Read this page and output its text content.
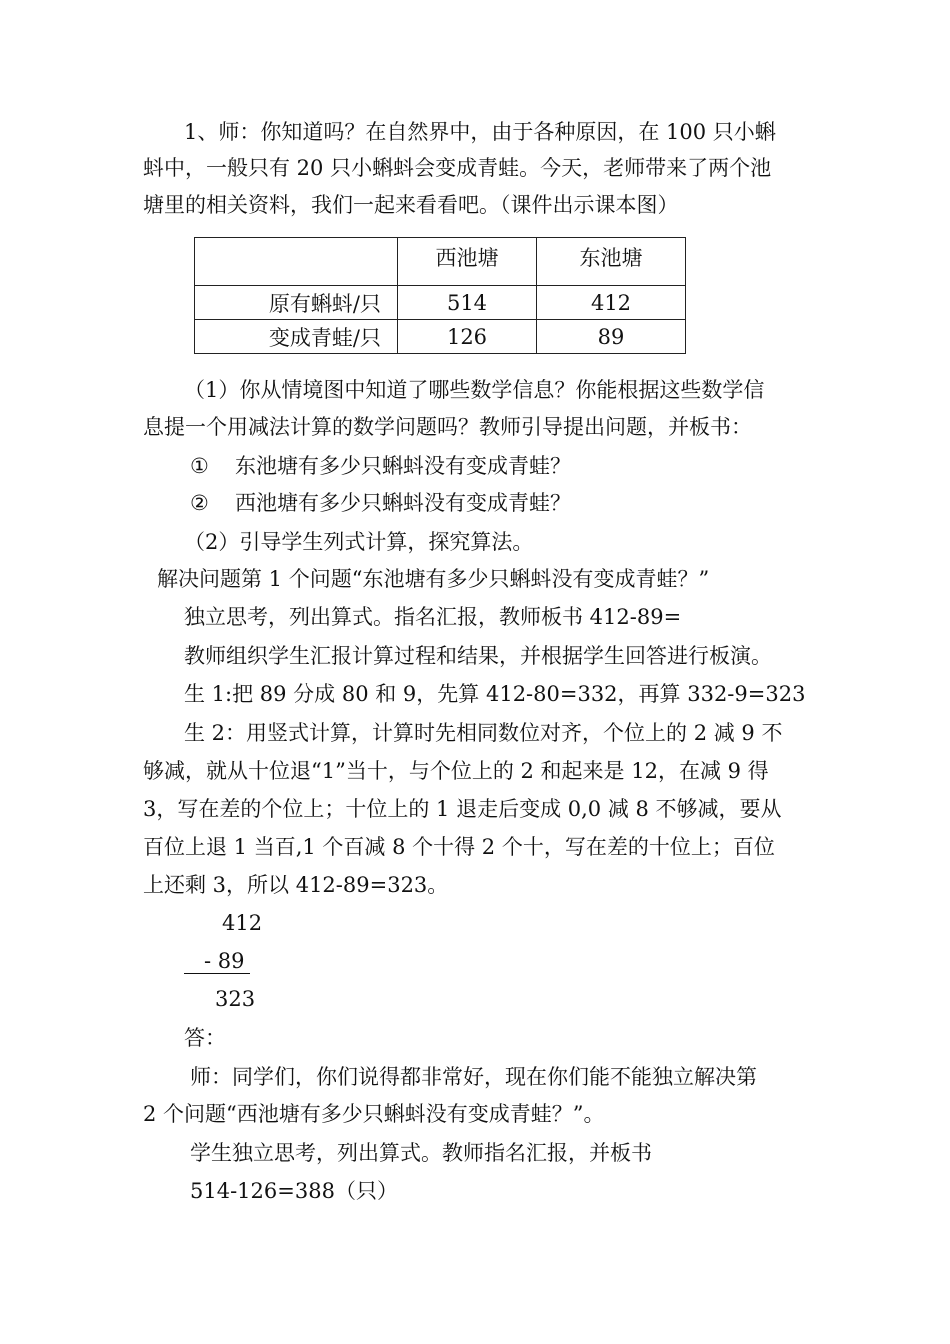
1、师：你知道吗？在自然界中，由于各种原因，在 100 只小蝌
蚪中，一般只有 20 只小蝌蚪会变成青蛙。今天，老师带来了两个池
塘里的相关资料，我们一起来看看吧。（课件出示课本图）
	西池塘	东池塘
原有蝌蚪/只	514	412
变成青蛙/只	126	89
（1）你从情境图中知道了哪些数学信息？你能根据这些数学信
息提一个用减法计算的数学问题吗？教师引导提出问题，并板书：
① 东池塘有多少只蝌蚪没有变成青蛙？
② 西池塘有多少只蝌蚪没有变成青蛙？
（2）引导学生列式计算，探究算法。
解决问题第 1 个问题“东池塘有多少只蝌蚪没有变成青蛙？”
独立思考，列出算式。指名汇报，教师板书 412-89=
教师组织学生汇报计算过程和结果，并根据学生回答进行板演。
生 1:把 89 分成 80 和 9，先算 412-80=332，再算 332-9=323
生 2：用竖式计算，计算时先相同数位对齐，个位上的 2 减 9 不
够减，就从十位退“1”当十，与个位上的 2 和起来是 12，在减 9 得
3，写在差的个位上；十位上的 1 退走后变成 0,0 减 8 不够减，要从
百位上退 1 当百,1 个百减 8 个十得 2 个十，写在差的十位上；百位
上还剩 3，所以 412-89=323。
412
- 89
323
答：
师：同学们，你们说得都非常好，现在你们能不能独立解决第
2 个问题“西池塘有多少只蝌蚪没有变成青蛙？”。
学生独立思考，列出算式。教师指名汇报，并板书
514-126=388（只）
